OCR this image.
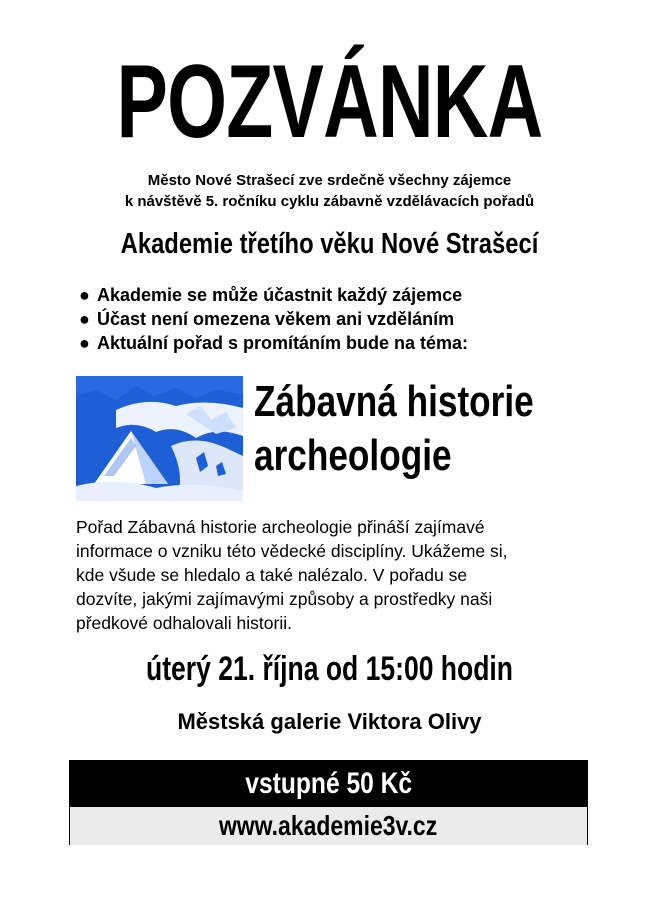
POZVÁNKA
Město Nové Strašecí zve srdečně všechny zájemce
k návštěvě 5. ročníku cyklu zábavně vzdělávacích pořadů
Akademie třetího věku Nové Strašecí
● Akademie se může účastnit každý zájemce
● Účast není omezena věkem ani vzděláním
● Aktuální pořad s promítáním bude na téma:
Zábavná historie
archeologie
Pořad Zábavná historie archeologie přináší zajímavé
informace o vzniku této vědecké disciplíny. Ukážeme si,
kde všude se hledalo a také nalézalo. V pořadu se
dozvíte, jakými zajímavými způsoby a prostředky naši
předkové odhalovali historii.
úterý 21. října od 15:00 hodin
Městská galerie Viktora Olivy
vstupné 50 Kč
www.akademie3v.cz
